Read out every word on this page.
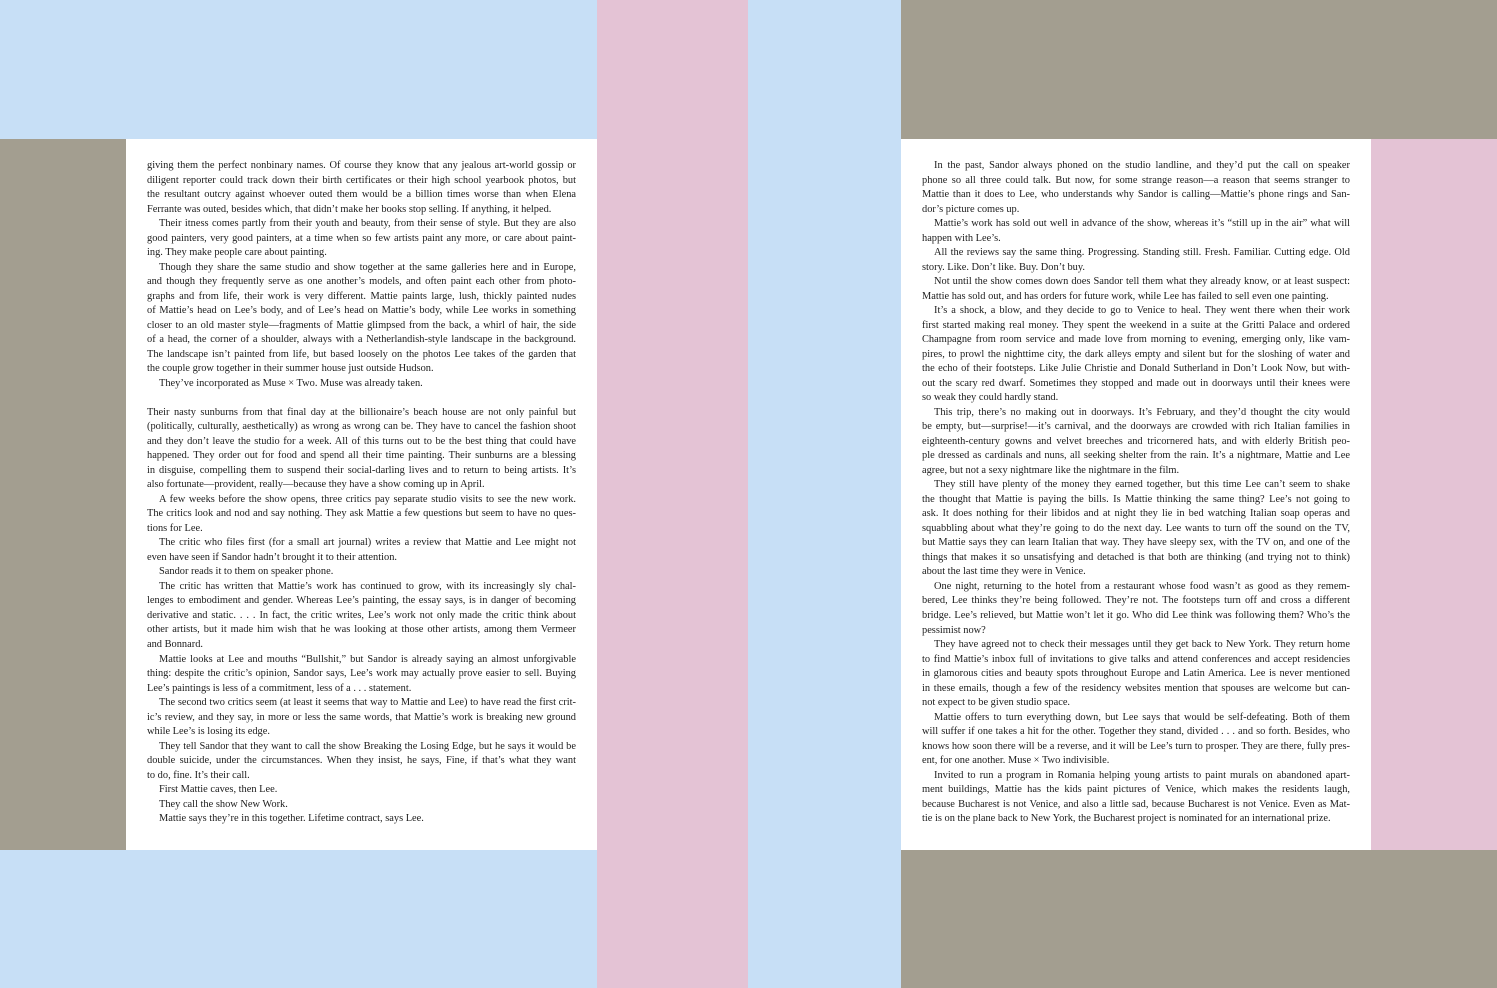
giving them the perfect nonbinary names. Of course they know that any jealous art-world gossip or

diligent reporter could track down their birth certificates or their high school yearbook photos, but

the resultant outcry against whoever outed them would be a billion times worse than when Elena

Ferrante was outed, besides which, that didn’t make her books stop selling. If anything, it helped.

Their itness comes partly from their youth and beauty, from their sense of style. But they are also

good painters, very good painters, at a time when so few artists paint any more, or care about paint-

ing. They make people care about painting.

Though they share the same studio and show together at the same galleries here and in Europe,

and though they frequently serve as one another’s models, and often paint each other from photo-

graphs and from life, their work is very different. Mattie paints large, lush, thickly painted nudes

of Mattie’s head on Lee’s body, and of Lee’s head on Mattie’s body, while Lee works in something

closer to an old master style—fragments of Mattie glimpsed from the back, a whirl of hair, the side

of a head, the corner of a shoulder, always with a Netherlandish-style landscape in the background.

The landscape isn’t painted from life, but based loosely on the photos Lee takes of the garden that

the couple grow together in their summer house just outside Hudson.

They’ve incorporated as Muse × Two. Muse was already taken.

Their nasty sunburns from that final day at the billionaire’s beach house are not only painful but

(politically, culturally, aesthetically) as wrong as wrong can be. They have to cancel the fashion shoot

and they don’t leave the studio for a week. All of this turns out to be the best thing that could have

happened. They order out for food and spend all their time painting. Their sunburns are a blessing

in disguise, compelling them to suspend their social-darling lives and to return to being artists. It’s

also fortunate—provident, really—because they have a show coming up in April.

A few weeks before the show opens, three critics pay separate studio visits to see the new work.

The critics look and nod and say nothing. They ask Mattie a few questions but seem to have no ques-

tions for Lee.

The critic who files first (for a small art journal) writes a review that Mattie and Lee might not

even have seen if Sandor hadn’t brought it to their attention.

Sandor reads it to them on speaker phone.

The critic has written that Mattie’s work has continued to grow, with its increasingly sly chal-

lenges to embodiment and gender. Whereas Lee’s painting, the essay says, is in danger of becoming

derivative and static. . . . In fact, the critic writes, Lee’s work not only made the critic think about

other artists, but it made him wish that he was looking at those other artists, among them Vermeer

and Bonnard.

Mattie looks at Lee and mouths “Bullshit,” but Sandor is already saying an almost unforgivable

thing: despite the critic’s opinion, Sandor says, Lee’s work may actually prove easier to sell. Buying

Lee’s paintings is less of a commitment, less of a . . . statement.

The second two critics seem (at least it seems that way to Mattie and Lee) to have read the first crit-

ic’s review, and they say, in more or less the same words, that Mattie’s work is breaking new ground

while Lee’s is losing its edge.

They tell Sandor that they want to call the show Breaking the Losing Edge, but he says it would be

double suicide, under the circumstances. When they insist, he says, Fine, if that’s what they want

to do, fine. It’s their call.

First Mattie caves, then Lee.

They call the show New Work.

Mattie says they’re in this together. Lifetime contract, says Lee.

In the past, Sandor always phoned on the studio landline, and they’d put the call on speaker

phone so all three could talk. But now, for some strange reason—a reason that seems stranger to

Mattie than it does to Lee, who understands why Sandor is calling—Mattie’s phone rings and San-

dor’s picture comes up.

Mattie’s work has sold out well in advance of the show, whereas it’s “still up in the air” what will

happen with Lee’s.

All the reviews say the same thing. Progressing. Standing still. Fresh. Familiar. Cutting edge. Old

story. Like. Don’t like. Buy. Don’t buy.

Not until the show comes down does Sandor tell them what they already know, or at least suspect:

Mattie has sold out, and has orders for future work, while Lee has failed to sell even one painting.

It’s a shock, a blow, and they decide to go to Venice to heal. They went there when their work

first started making real money. They spent the weekend in a suite at the Gritti Palace and ordered

Champagne from room service and made love from morning to evening, emerging only, like vam-

pires, to prowl the nighttime city, the dark alleys empty and silent but for the sloshing of water and

the echo of their footsteps. Like Julie Christie and Donald Sutherland in Don’t Look Now, but with-

out the scary red dwarf. Sometimes they stopped and made out in doorways until their knees were

so weak they could hardly stand.

This trip, there’s no making out in doorways. It’s February, and they’d thought the city would

be empty, but—surprise!—it’s carnival, and the doorways are crowded with rich Italian families in

eighteenth-century gowns and velvet breeches and tricornered hats, and with elderly British peo-

ple dressed as cardinals and nuns, all seeking shelter from the rain. It’s a nightmare, Mattie and Lee

agree, but not a sexy nightmare like the nightmare in the film.

They still have plenty of the money they earned together, but this time Lee can’t seem to shake

the thought that Mattie is paying the bills. Is Mattie thinking the same thing? Lee’s not going to

ask. It does nothing for their libidos and at night they lie in bed watching Italian soap operas and

squabbling about what they’re going to do the next day. Lee wants to turn off the sound on the TV,

but Mattie says they can learn Italian that way. They have sleepy sex, with the TV on, and one of the

things that makes it so unsatisfying and detached is that both are thinking (and trying not to think)

about the last time they were in Venice.

One night, returning to the hotel from a restaurant whose food wasn’t as good as they remem-

bered, Lee thinks they’re being followed. They’re not. The footsteps turn off and cross a different

bridge. Lee’s relieved, but Mattie won’t let it go. Who did Lee think was following them? Who’s the

pessimist now?

They have agreed not to check their messages until they get back to New York. They return home

to find Mattie’s inbox full of invitations to give talks and attend conferences and accept residencies

in glamorous cities and beauty spots throughout Europe and Latin America. Lee is never mentioned

in these emails, though a few of the residency websites mention that spouses are welcome but can-

not expect to be given studio space.

Mattie offers to turn everything down, but Lee says that would be self-defeating. Both of them

will suffer if one takes a hit for the other. Together they stand, divided . . . and so forth. Besides, who

knows how soon there will be a reverse, and it will be Lee’s turn to prosper. They are there, fully pres-

ent, for one another. Muse × Two indivisible.

Invited to run a program in Romania helping young artists to paint murals on abandoned apart-

ment buildings, Mattie has the kids paint pictures of Venice, which makes the residents laugh,

because Bucharest is not Venice, and also a little sad, because Bucharest is not Venice. Even as Mat-

tie is on the plane back to New York, the Bucharest project is nominated for an international prize.
